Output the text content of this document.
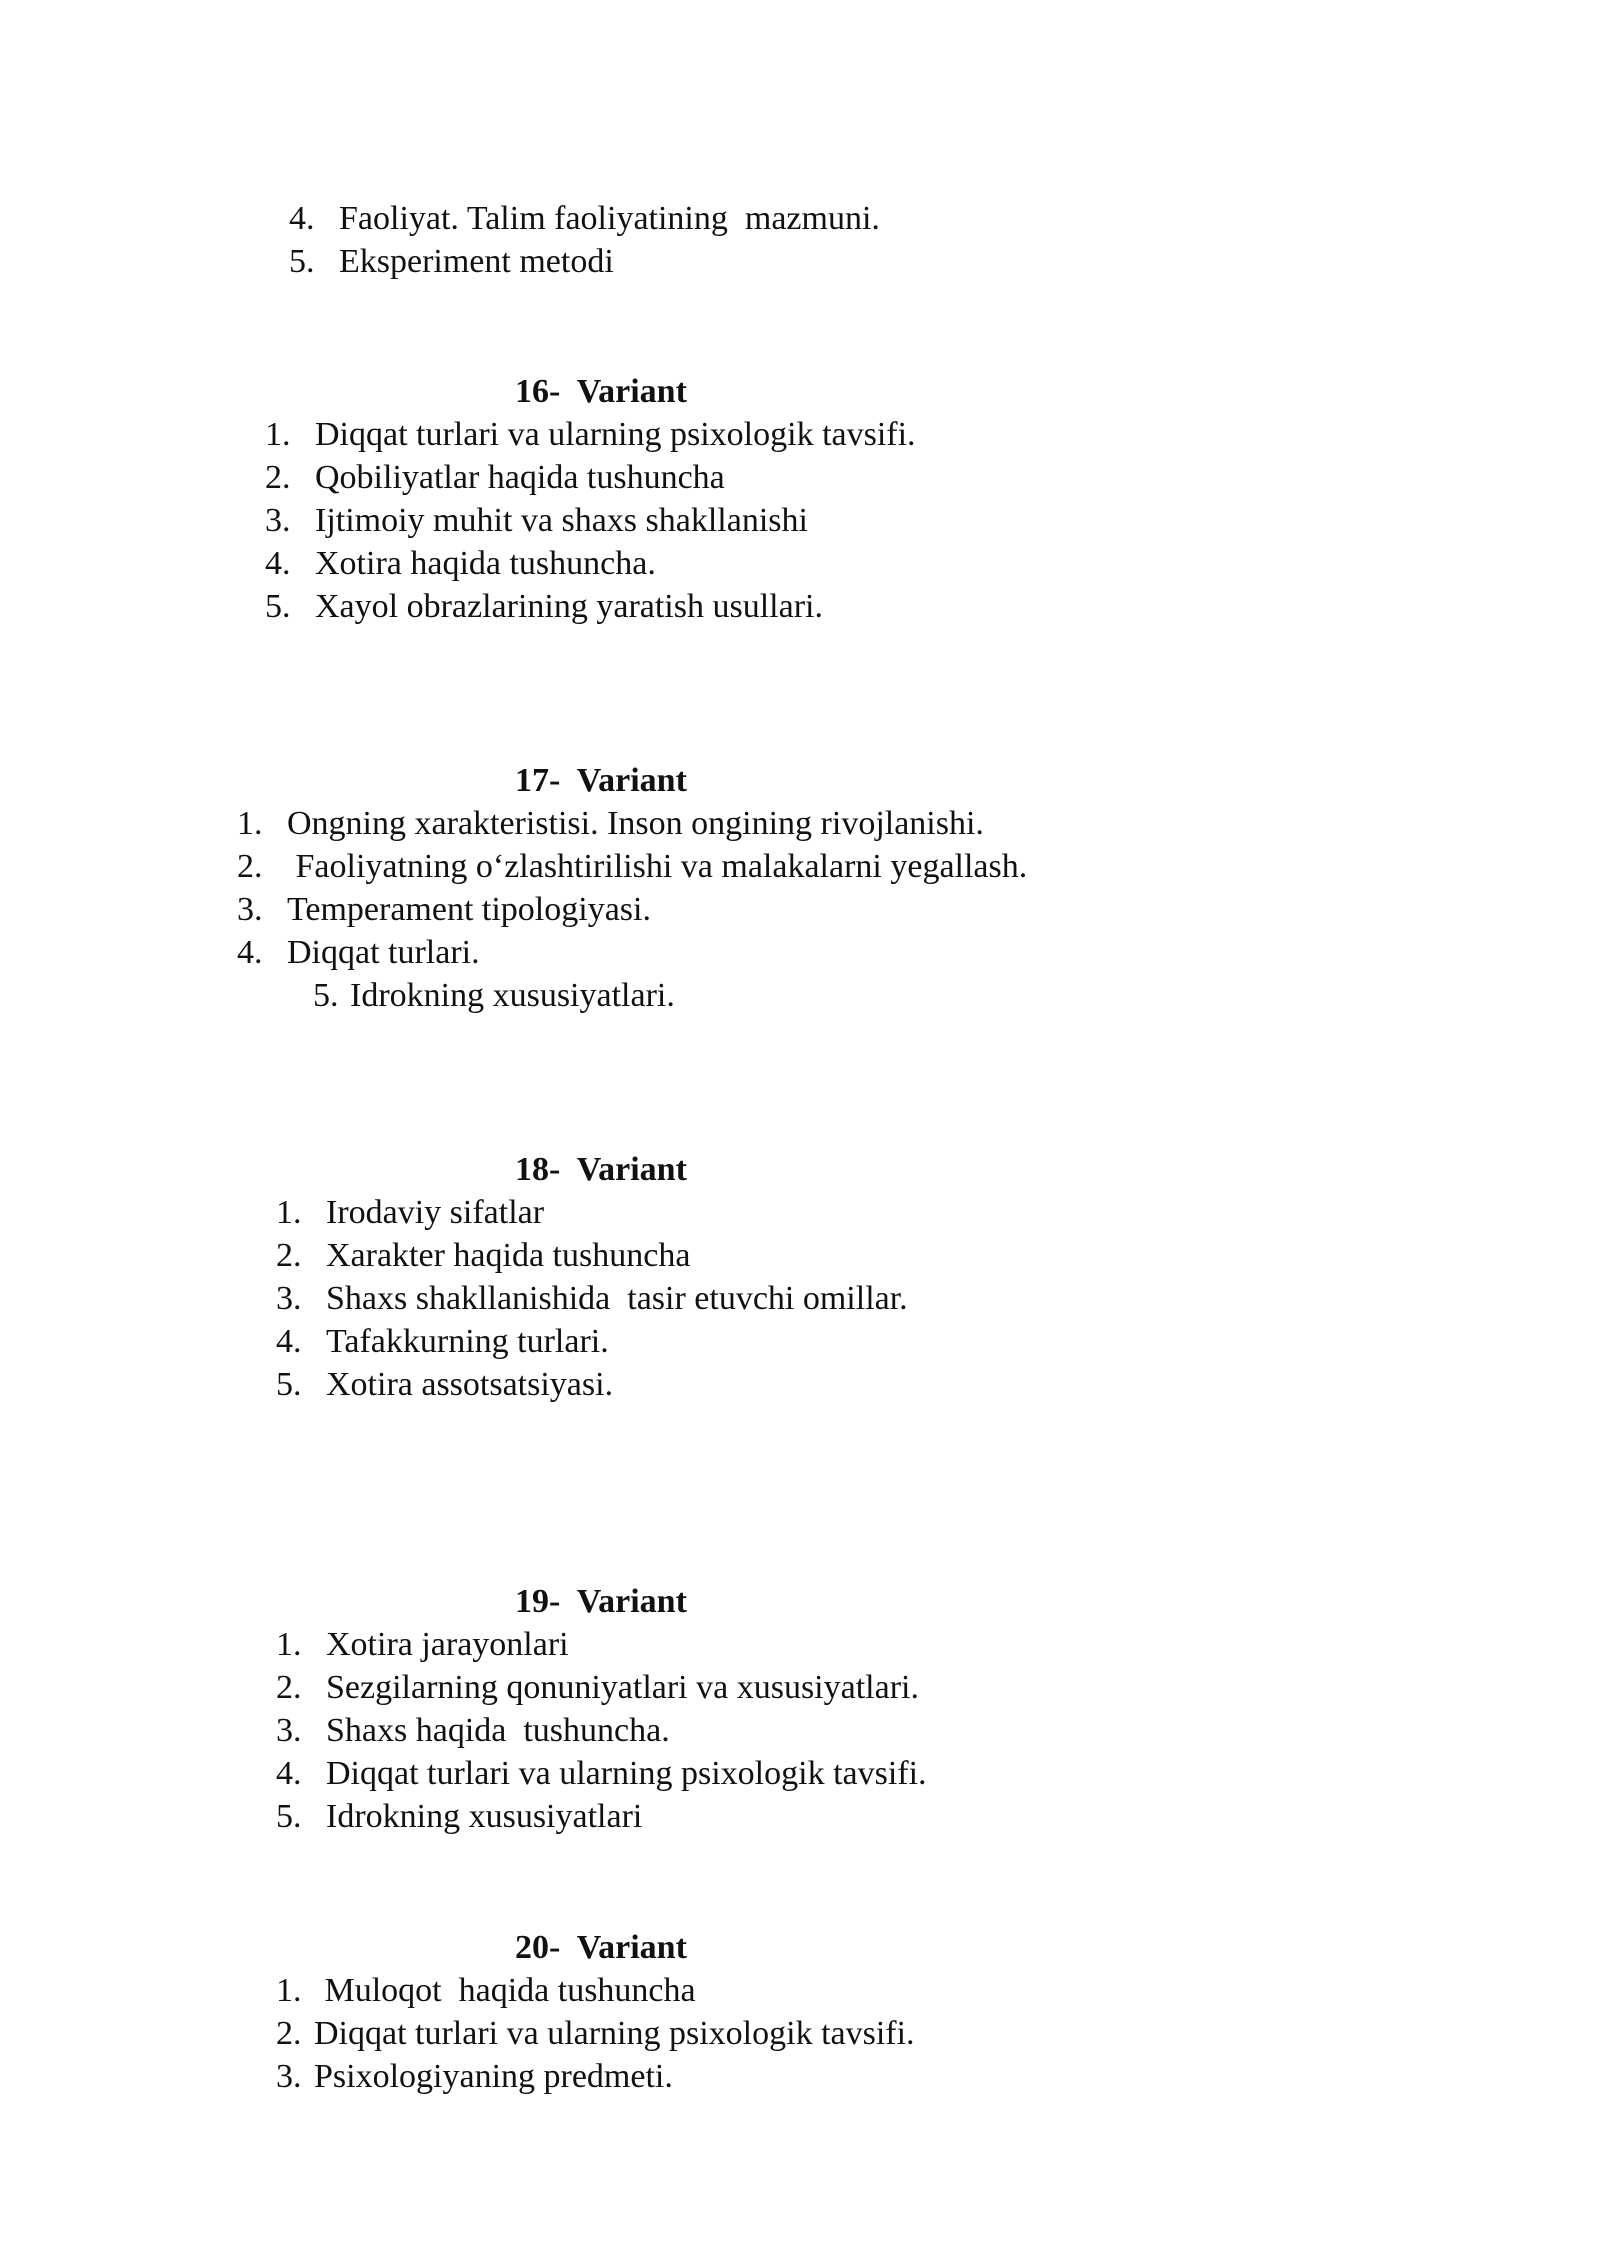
4. Faoliyat. Talim faoliyatining  mazmuni.

5. Eksperiment metodi

16-  Variant
1. Diqqat turlari va ularning psixologik tavsifi.
2. Qobiliyatlar haqida tushuncha
3. Ijtimoiy muhit va shaxs shakllanishi
4. Xotira haqida tushuncha.
5. Xayol obrazlarining yaratish usullari.
17-  Variant
1. Ongning xarakteristisi. Inson ongining rivojlanishi.
2. Faoliyatning o‘zlashtirilishi va malakalarni yegallash.
3. Temperament tipologiyasi.
4. Diqqat turlari.
5. Idrokning xususiyatlari.
18-  Variant
1. Irodaviy sifatlar
2. Xarakter haqida tushuncha
3. Shaxs shakllanishida  tasir etuvchi omillar.
4. Tafakkurning turlari.
5. Xotira assotsatsiyasi.
19-  Variant
1. Xotira jarayonlari
2. Sezgilarning qonuniyatlari va xususiyatlari.
3. Shaxs haqida  tushuncha.
4. Diqqat turlari va ularning psixologik tavsifi.
5. Idrokning xususiyatlari
20-  Variant
1. Muloqot  haqida tushuncha
2. Diqqat turlari va ularning psixologik tavsifi.
3. Psixologiyaning predmeti.
